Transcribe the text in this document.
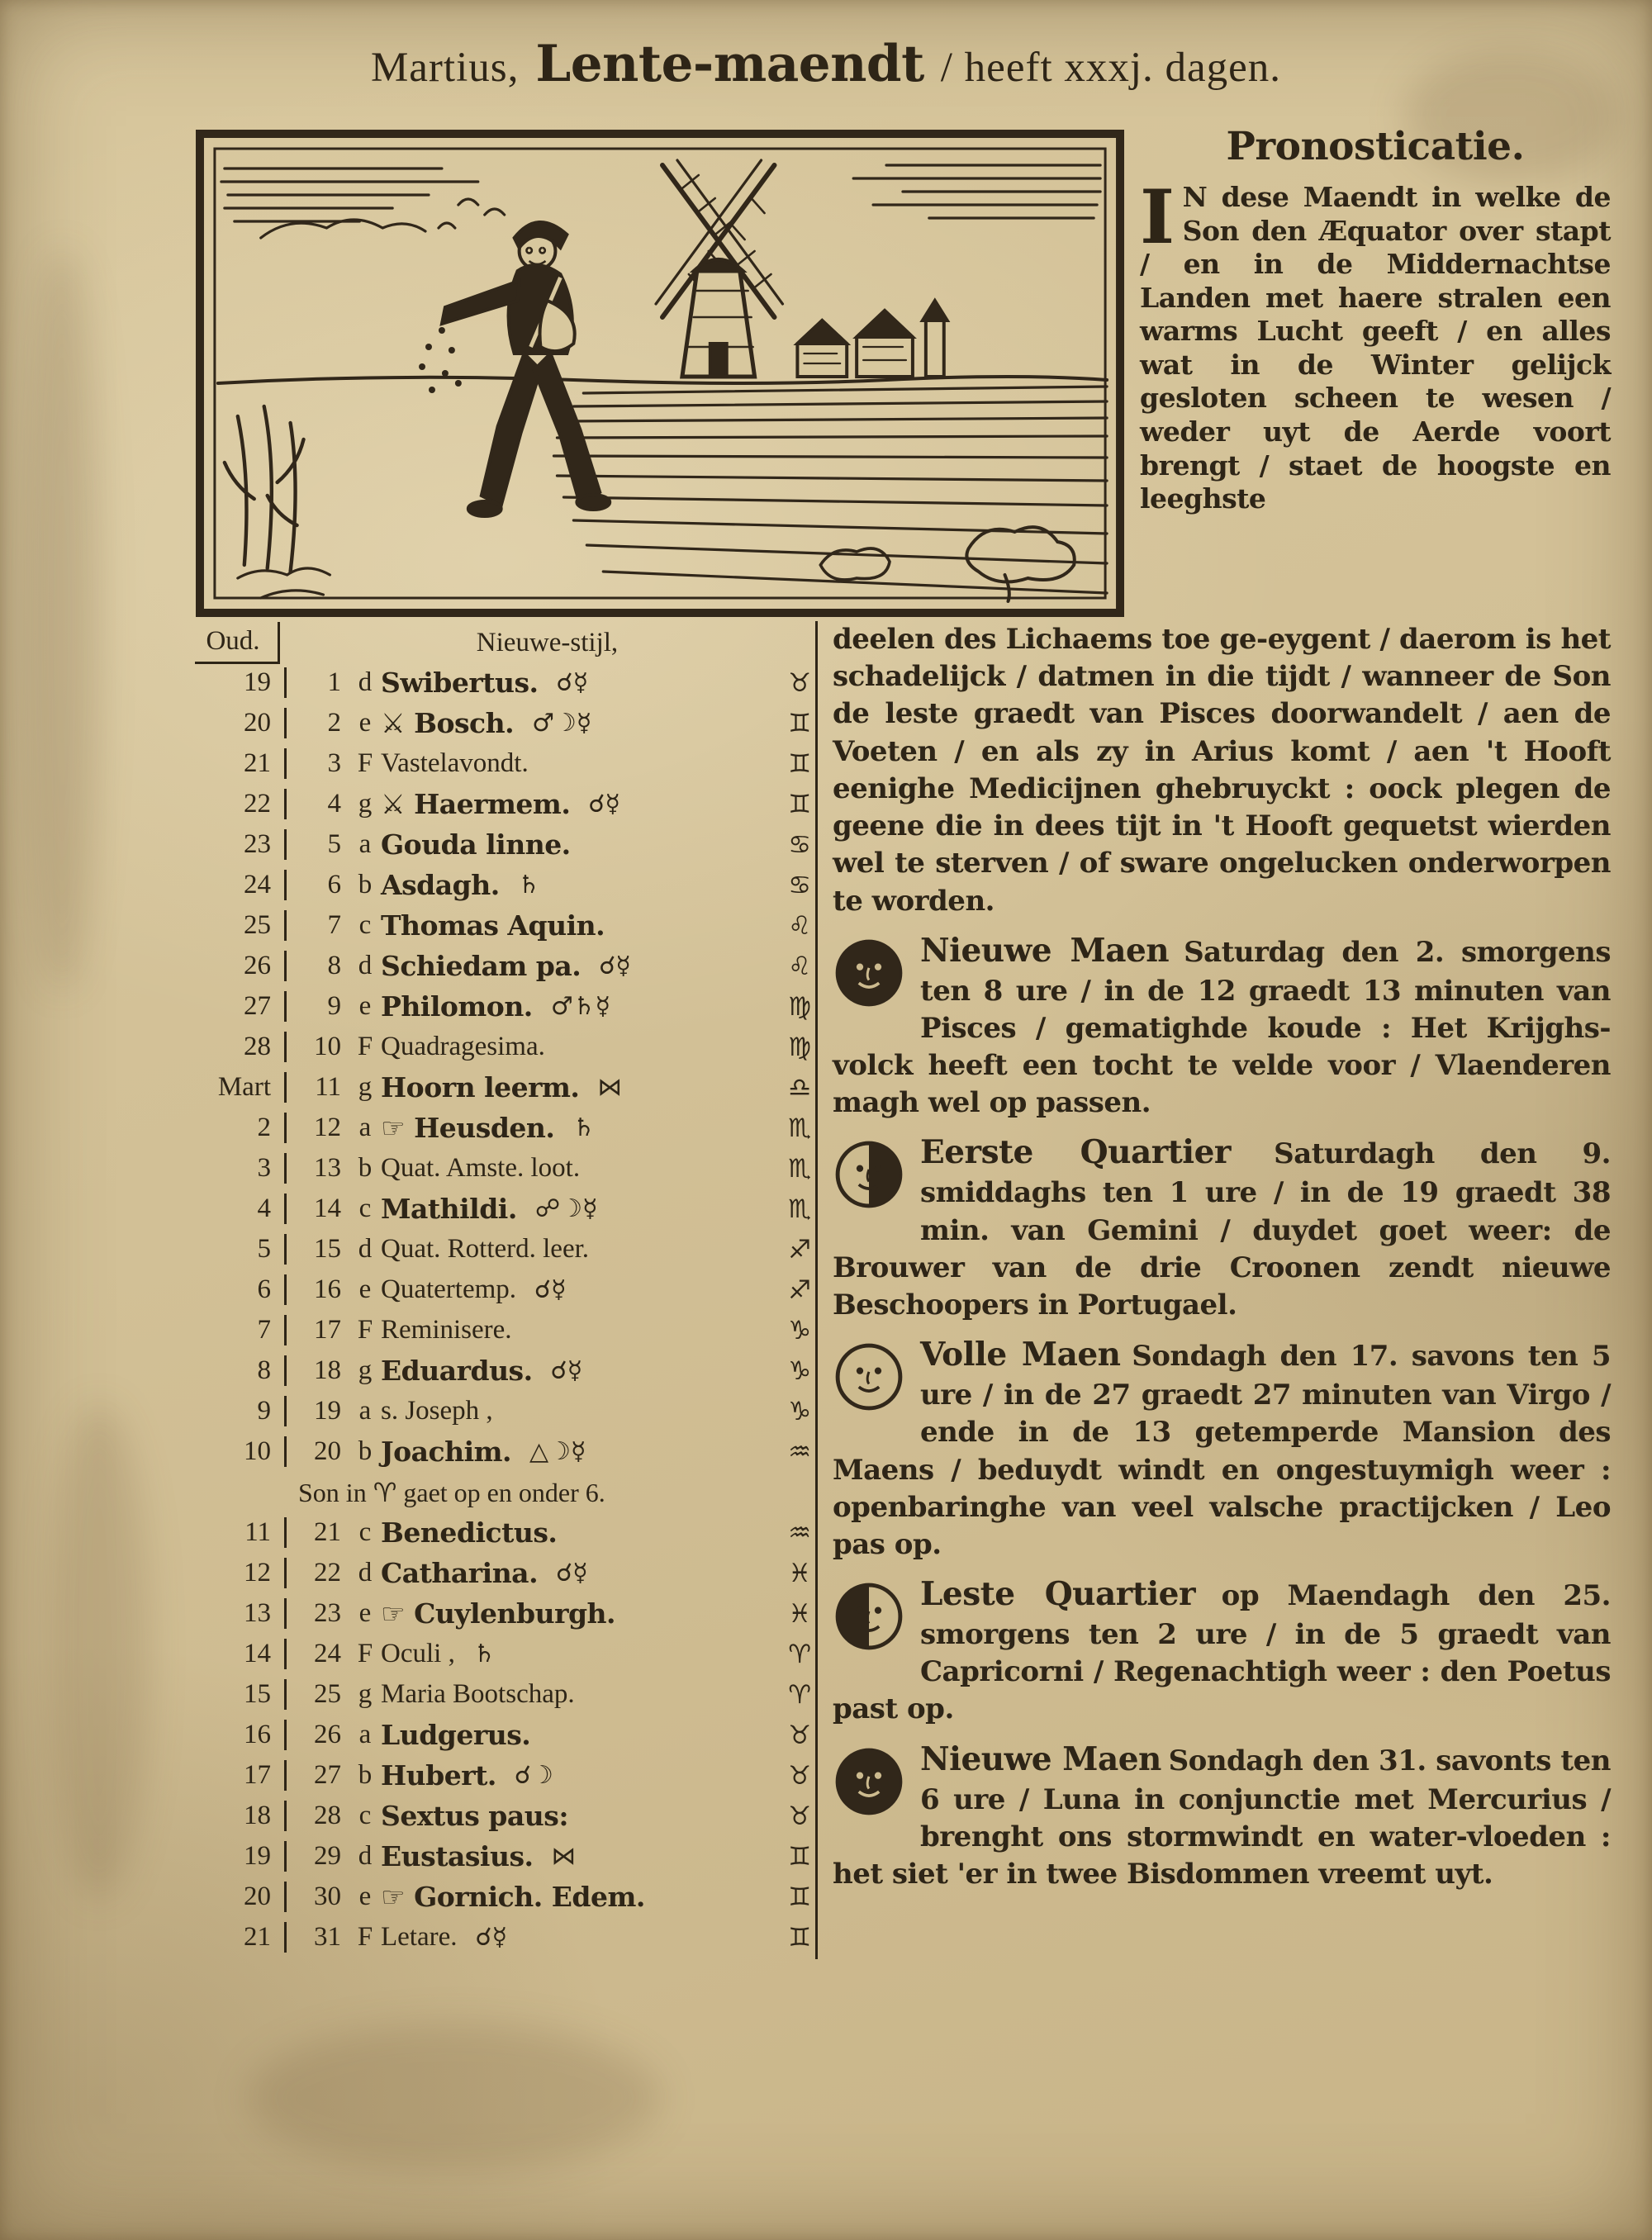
Martius, Lente-maendt / heeft xxxj. dagen.
Pronosticatie.

I N dese Maendt in welke de Son den Æquator over stapt / en in de Middernachtse Landen met haere stralen een warms Lucht geeft / en alles wat in de Winter gelijck gesloten scheen te wesen / weder uyt de Aerde voort brengt / staet de hoogste en leeghste

Oud.	Nieuwe-stijl,
19	1 d Swibertus. ☌☿	♉
20	2 e ⚔ Bosch. ♂☽☿	♊
21	3 F Vastelavondt.	♊
22	4 g ⚔ Haermem. ☌☿	♊
23	5 a Gouda linne.	♋
24	6 b Asdagh. ♄	♋
25	7 c Thomas Aquin.	♌
26	8 d Schiedam pa. ☌☿	♌
27	9 e Philomon. ♂♄☿	♍
28	10 F Quadragesima.	♍
Mart	11 g Hoorn leerm. ⋈	♎
2	12 a ☞ Heusden. ♄	♏
3	13 b Quat. Amste. loot.	♏
4	14 c Mathildi. ☍☽☿	♏
5	15 d Quat. Rotterd. leer.	♐
6	16 e Quatertemp. ☌☿	♐
7	17 F Reminisere.	♑
8	18 g Eduardus. ☌☿	♑
9	19 a s. Joseph ,	♑
10	20 b Joachim. △☽☿	♒
Son in ♈ gaet op en onder 6.
11	21 c Benedictus.	♒
12	22 d Catharina. ☌☿	♓
13	23 e ☞ Cuylenburgh.	♓
14	24 F Oculi , ♄	♈
15	25 g Maria Bootschap.	♈
16	26 a Ludgerus.	♉
17	27 b Hubert. ☌☽	♉
18	28 c Sextus paus:	♉
19	29 d Eustasius. ⋈	♊
20	30 e ☞ Gornich. Edem.	♊
21	31 F Letare. ☌☿	♊

deelen des Lichaems toe ge-eygent / daerom is het schadelijck / datmen in die tijdt / wanneer de Son de leste graedt van Pisces doorwandelt / aen de Voeten / en als zy in Arius komt / aen 't Hooft eenighe Medicijnen ghebruyckt : oock plegen de geene die in dees tijt in 't Hooft gequetst wierden wel te sterven / of sware ongelucken onderworpen te worden.

Nieuwe Maen Saturdag den 2. smorgens ten 8 ure / in de 12 graedt 13 minuten van Pisces / gematighde koude : Het Krijghs-volck heeft een tocht te velde voor / Vlaenderen magh wel op passen.
Eerste Quartier Saturdagh den 9. smiddaghs ten 1 ure / in de 19 graedt 38 min. van Gemini / duydet goet weer: de Brouwer van de drie Croonen zendt nieuwe Beschoopers in Portugael.
Volle Maen Sondagh den 17. savons ten 5 ure / in de 27 graedt 27 minuten van Virgo / ende in de 13 getemperde Mansion des Maens / beduydt windt en ongestuymigh weer : openbaringhe van veel valsche practijcken / Leo pas op.
Leste Quartier op Maendagh den 25. smorgens ten 2 ure / in de 5 graedt van Capricorni / Regenachtigh weer : den Poetus past op.
Nieuwe Maen Sondagh den 31. savonts ten 6 ure / Luna in conjunctie met Mercurius / brenght ons stormwindt en water-vloeden : het siet 'er in twee Bisdommen vreemt uyt.
